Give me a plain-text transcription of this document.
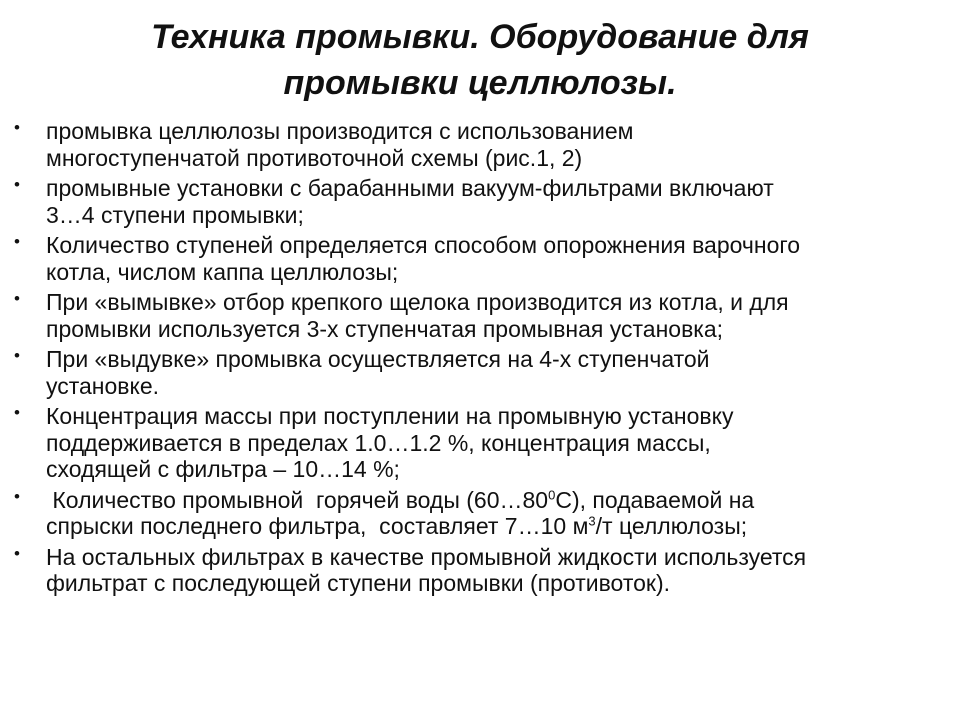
Техника промывки. Оборудование для
промывки целлюлозы.
• промывка целлюлозы производится с использованием
многоступенчатой противоточной схемы (рис.1, 2)
• промывные установки с барабанными вакуум-фильтрами включают
3…4 ступени промывки;
• Количество ступеней определяется способом опорожнения варочного
котла, числом каппа целлюлозы;
• При «вымывке» отбор крепкого щелока производится из котла, и для
промывки используется 3-х ступенчатая промывная установка;
• При «выдувке» промывка осуществляется на 4-х ступенчатой
установке.
• Концентрация массы при поступлении на промывную установку
поддерживается в пределах 1.0…1.2 %, концентрация массы,
сходящей с фильтра – 10…14 %;
• Количество промывной  горячей воды $(60\dots 80^0С)$, подаваемой на
спрыски последнего фильтра,  составляет 7…10 $м^3/т$ целлюлозы;
• На остальных фильтрах в качестве промывной жидкости используется
фильтрат с последующей ступени промывки (противоток).
